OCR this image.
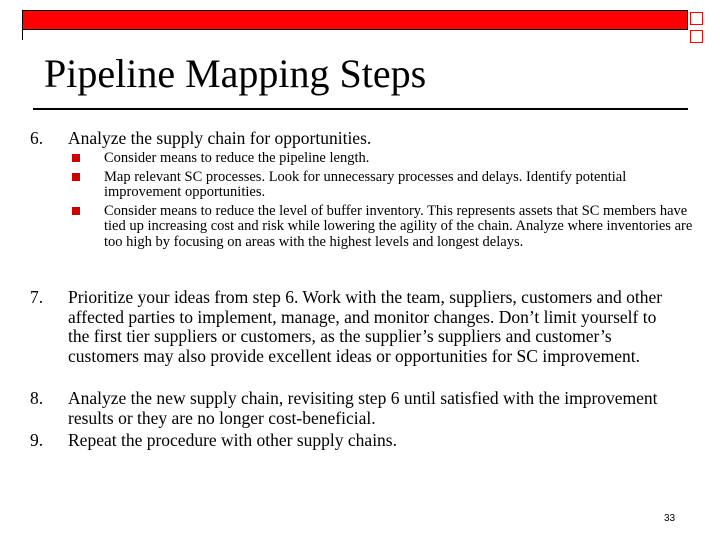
Pipeline Mapping Steps
6. Analyze the supply chain for opportunities.
Consider means to reduce the pipeline length.
Map relevant SC processes. Look for unnecessary processes and delays. Identify potential improvement opportunities.
Consider means to reduce the level of buffer inventory. This represents assets that SC members have tied up increasing cost and risk while lowering the agility of the chain. Analyze where inventories are too high by focusing on areas with the highest levels and longest delays.
7. Prioritize your ideas from step 6. Work with the team, suppliers, customers and other affected parties to implement, manage, and monitor changes. Don’t limit yourself to the first tier suppliers or customers, as the supplier’s suppliers and customer’s customers may also provide excellent ideas or opportunities for SC improvement.
8. Analyze the new supply chain, revisiting step 6 until satisfied with the improvement results or they are no longer cost-beneficial.
9. Repeat the procedure with other supply chains.
33
